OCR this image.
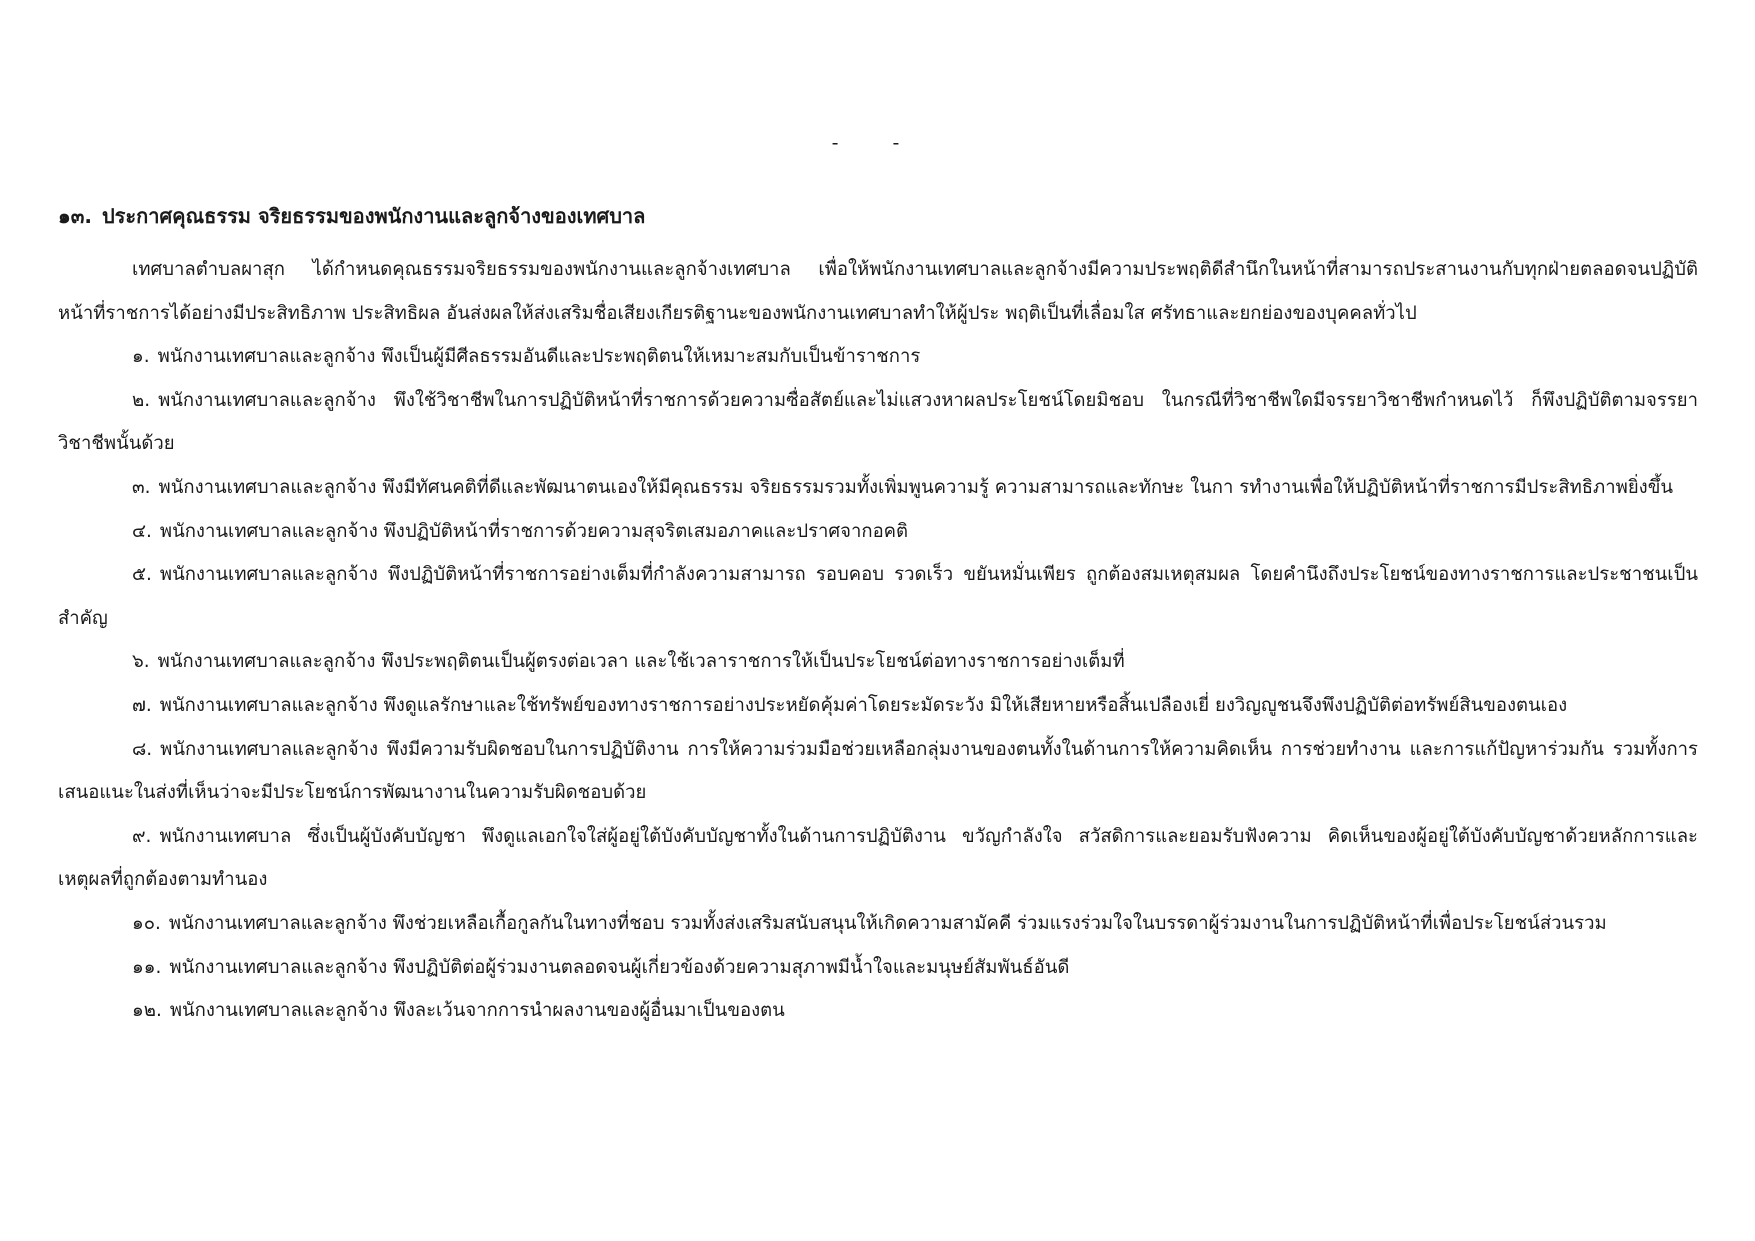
- -
๑๓. ประกาศคุณธรรม จริยธรรมของพนักงานและลูกจ้างของเทศบาล

เทศบาลตำบลผาสุก ได้กำหนดคุณธรรมจริยธรรมของพนักงานและลูกจ้างเทศบาล เพื่อให้พนักงานเทศบาลและลูกจ้างมีความประพฤติดีสำนึกในหน้าที่สามารถประสานงานกับทุกฝ่ายตลอดจนปฏิบัติหน้าที่ราชการได้อย่างมีประสิทธิภาพ ประสิทธิผล อันส่งผลให้ส่งเสริมชื่อเสียงเกียรติฐานะของพนักงานเทศบาลทำให้ผู้ประ พฤติเป็นที่เลื่อมใส ศรัทธาและยกย่องของบุคคลทั่วไป

๑. พนักงานเทศบาลและลูกจ้าง พึงเป็นผู้มีศีลธรรมอันดีและประพฤติตนให้เหมาะสมกับเป็นข้าราชการ

๒. พนักงานเทศบาลและลูกจ้าง พึงใช้วิชาชีพในการปฏิบัติหน้าที่ราชการด้วยความซื่อสัตย์และไม่แสวงหาผลประโยชน์โดยมิชอบ ในกรณีที่วิชาชีพใดมีจรรยาวิชาชีพกำหนดไว้ ก็พึงปฏิบัติตามจรรยาวิชาชีพนั้นด้วย

๓. พนักงานเทศบาลและลูกจ้าง พึงมีทัศนคติที่ดีและพัฒนาตนเองให้มีคุณธรรม จริยธรรมรวมทั้งเพิ่มพูนความรู้ ความสามารถและทักษะ ในกา รทำงานเพื่อให้ปฏิบัติหน้าที่ราชการมีประสิทธิภาพยิ่งขึ้น

๔. พนักงานเทศบาลและลูกจ้าง พึงปฏิบัติหน้าที่ราชการด้วยความสุจริตเสมอภาคและปราศจากอคติ

๕. พนักงานเทศบาลและลูกจ้าง พึงปฏิบัติหน้าที่ราชการอย่างเต็มที่กำลังความสามารถ รอบคอบ รวดเร็ว ขยันหมั่นเพียร ถูกต้องสมเหตุสมผล โดยคำนึงถึงประโยชน์ของทางราชการและประชาชนเป็นสำคัญ

๖. พนักงานเทศบาลและลูกจ้าง พึงประพฤติตนเป็นผู้ตรงต่อเวลา และใช้เวลาราชการให้เป็นประโยชน์ต่อทางราชการอย่างเต็มที่

๗. พนักงานเทศบาลและลูกจ้าง พึงดูแลรักษาและใช้ทรัพย์ของทางราชการอย่างประหยัดคุ้มค่าโดยระมัดระวัง มิให้เสียหายหรือสิ้นเปลืองเยี่ ยงวิญญูชนจึงพึงปฏิบัติต่อทรัพย์สินของตนเอง

๘. พนักงานเทศบาลและลูกจ้าง พึงมีความรับผิดชอบในการปฏิบัติงาน การให้ความร่วมมือช่วยเหลือกลุ่มงานของตนทั้งในด้านการให้ความคิดเห็น การช่วยทำงาน และการแก้ปัญหาร่วมกัน รวมทั้งการเสนอแนะในส่งที่เห็นว่าจะมีประโยชน์การพัฒนางานในความรับผิดชอบด้วย

๙. พนักงานเทศบาล ซึ่งเป็นผู้บังคับบัญชา พึงดูแลเอกใจใส่ผู้อยู่ใต้บังคับบัญชาทั้งในด้านการปฏิบัติงาน ขวัญกำลังใจ สวัสดิการและยอมรับฟังความ คิดเห็นของผู้อยู่ใต้บังคับบัญชาด้วยหลักการและเหตุผลที่ถูกต้องตามทำนอง

๑๐. พนักงานเทศบาลและลูกจ้าง พึงช่วยเหลือเกื้อกูลกันในทางที่ชอบ รวมทั้งส่งเสริมสนับสนุนให้เกิดความสามัคคี ร่วมแรงร่วมใจในบรรดาผู้ร่วมงานในการปฏิบัติหน้าที่เพื่อประโยชน์ส่วนรวม

๑๑. พนักงานเทศบาลและลูกจ้าง พึงปฏิบัติต่อผู้ร่วมงานตลอดจนผู้เกี่ยวข้องด้วยความสุภาพมีน้ำใจและมนุษย์สัมพันธ์อันดี

๑๒. พนักงานเทศบาลและลูกจ้าง พึงละเว้นจากการนำผลงานของผู้อื่นมาเป็นของตน
